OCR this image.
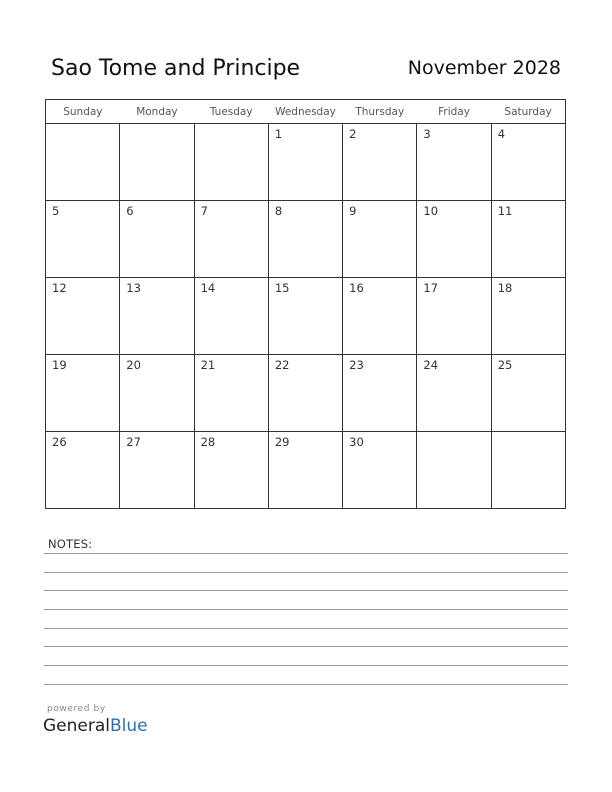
Sao Tome and Principe	November 2028
Sunday	Monday	Tuesday	Wednesday	Thursday	Friday	Saturday

			1	2	3	4

5	6	7	8	9	10	11

12	13	14	15	16	17	18

19	20	21	22	23	24	25

26	27	28	29	30		

NOTES:
powered by
GeneralBlue
